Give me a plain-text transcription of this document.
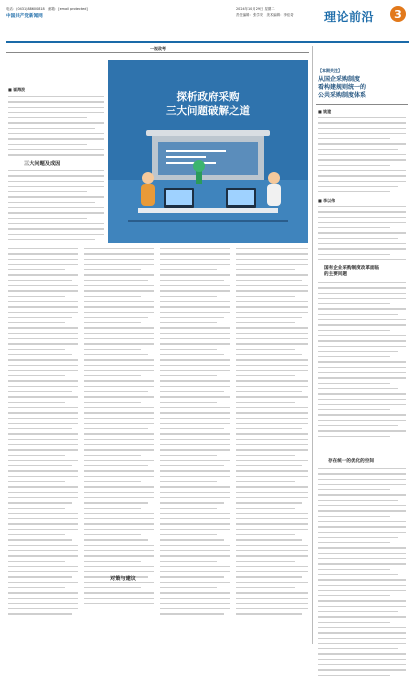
电话：(0431)88600818　邮箱：[email protected]
中国共产党新闻网
2024年10月29日 星期二
责任编辑：张学安　美术编辑：李佳奇	理论前沿	3
一视政考
■ 崔海波
探析政府采购
三大问题破解之道
三大问题及成因
对策与建议
【本期关注】
从国企采购制度
看构建规则统一的
公共采购制度体系
■ 姚建
■ 李以伟
国有企业采购制度改革面临
的主要问题
存在统一的优化的空间
